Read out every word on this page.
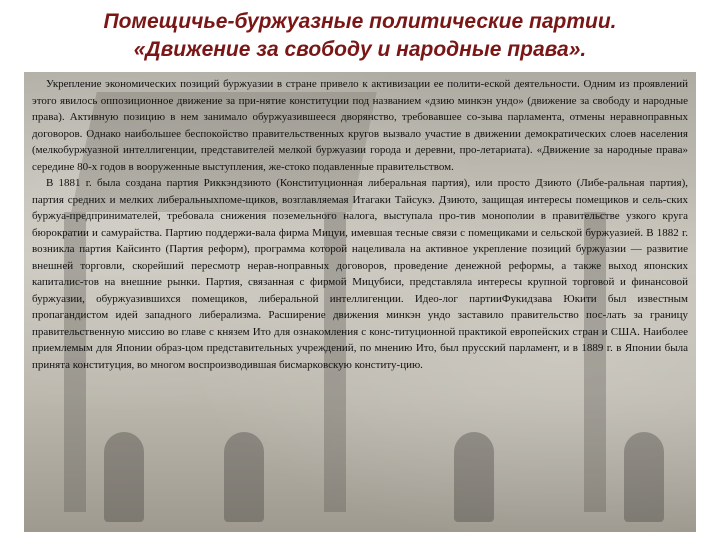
Помещичье-буржуазные политические партии.
«Движение за свободу и народные права».

Укрепление экономических позиций буржуазии в стране привело к активизации ее полити-еской деятельности. Одним из проявлений этого явилось оппозиционное движение за при-нятие конституции под названием «дзию минкэн ундо» (движение за свободу и народные права). Активную позицию в нем занимало обуржуазившееся дворянство, требовавшее со-зыва парламента, отмены неравноправных договоров. Однако наибольшее беспокойство правительственных кругов вызвало участие в движении демократических слоев населения (мелкобуржуазной интеллигенции, представителей мелкой буржуазии города и деревни, про-летариата). «Движение за народные права» середине 80-х годов в вооруженные выступления, же-стоко подавленные правительством.

В 1881 г. была создана партия Риккэндзиюто (Конституционная либеральная партия), или просто Дзиюто (Либе-ральная партия), партия средних и мелких либеральныхпоме-щиков, возглавляемая Итагаки Тайсукэ. Дзиюто, защищая интересы помещиков и сель-ских буржуа-предпринимателей, требовала снижения поземельного налога, выступала про-тив монополии в правительстве узкого круга бюрократии и самурайства. Партию поддержи-вала фирма Мицуи, имевшая тесные связи с помещиками и сельской буржуазией. В 1882 г. возникла партия Кайсинто (Партия реформ), программа которой нацеливала на активное укрепление позиций буржуазии — развитие внешней торговли, скорейший пересмотр нерав-ноправных договоров, проведение денежной реформы, а также выход японских капиталис-тов на внешние рынки. Партия, связанная с фирмой Мицубиси, представляла интересы крупной торговой и финансовой буржуазии, обуржуазившихся помещиков, либеральной интеллигенции. Идео-лог партииФукидзава Юкити был известным пропагандистом идей западного либерализма. Расширение движения минкэн ундо заставило правительство пос-лать за границу правительственную миссию во главе с князем Ито для ознакомления с конс-титуционной практикой европейских стран и США. Наиболее приемлемым для Японии образ-цом представительных учреждений, по мнению Ито, был прусский парламент, и в 1889 г. в Японии была принята конституция, во многом воспроизводившая бисмарковскую конститу-цию.
